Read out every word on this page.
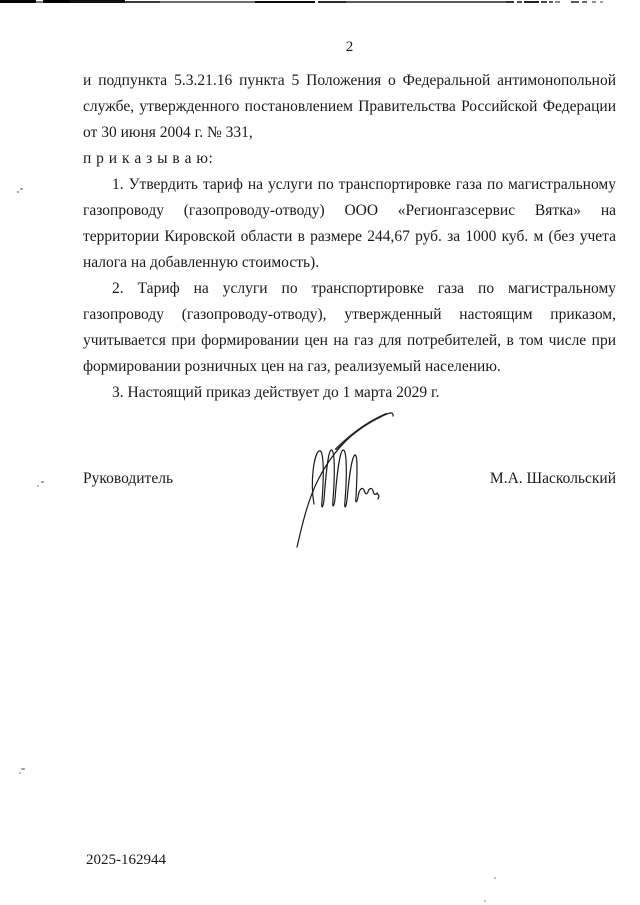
2

и подпункта 5.3.21.16 пункта 5 Положения о Федеральной антимонопольной службе, утвержденного постановлением Правительства Российской Федерации от 30 июня 2004 г. № 331,

п р и к а з ы в а ю:

1. Утвердить тариф на услуги по транспортировке газа по магистральному газопроводу (газопроводу-отводу) ООО «Регионгазсервис Вятка» на территории Кировской области в размере 244,67 руб. за 1000 куб. м (без учета налога на добавленную стоимость).

2. Тариф на услуги по транспортировке газа по магистральному газопроводу (газопроводу-отводу), утвержденный настоящим приказом, учитывается при формировании цен на газ для потребителей, в том числе при формировании розничных цен на газ, реализуемый населению.

3. Настоящий приказ действует до 1 марта 2029 г.

Руководитель	М.А. Шаскольский
2025-162944
